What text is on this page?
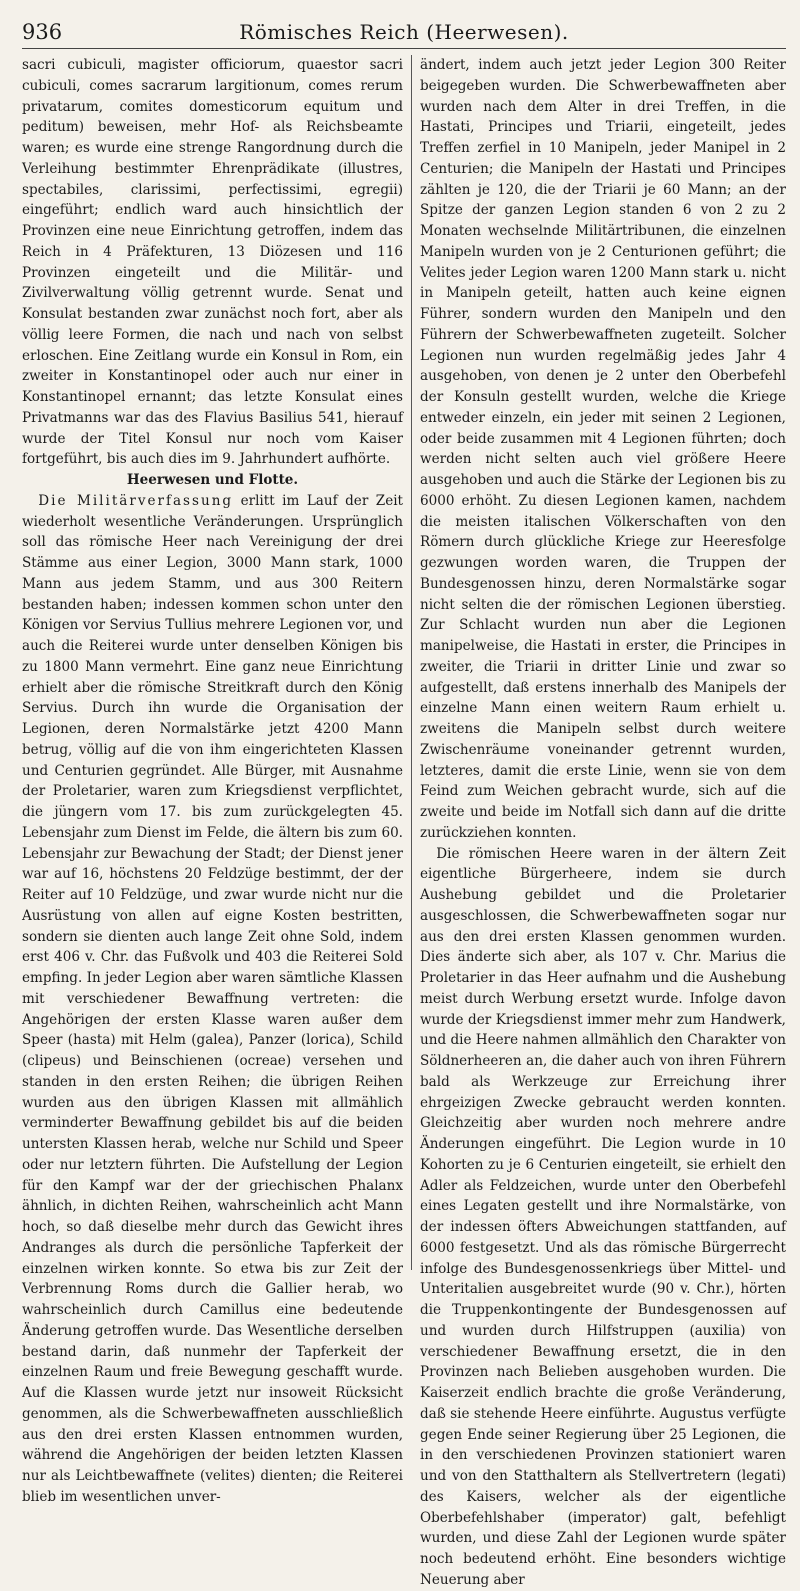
936	Römisches Reich (Heerwesen).

sacri cubiculi, magister officiorum, quaestor sacri cubiculi, comes sacrarum largitionum, comes rerum privatarum, comites domesticorum equitum und peditum) beweisen, mehr Hof- als Reichsbeamte waren; es wurde eine strenge Rangordnung durch die Verleihung bestimmter Ehrenprädikate (illustres, spectabiles, clarissimi, perfectissimi, egregii) eingeführt; endlich ward auch hinsichtlich der Provinzen eine neue Einrichtung getroffen, indem das Reich in 4 Präfekturen, 13 Diözesen und 116 Provinzen eingeteilt und die Militär- und Zivilverwaltung völlig getrennt wurde. Senat und Konsulat bestanden zwar zunächst noch fort, aber als völlig leere Formen, die nach und nach von selbst erloschen. Eine Zeitlang wurde ein Konsul in Rom, ein zweiter in Konstantinopel oder auch nur einer in Konstantinopel ernannt; das letzte Konsulat eines Privatmanns war das des Flavius Basilius 541, hierauf wurde der Titel Konsul nur noch vom Kaiser fortgeführt, bis auch dies im 9. Jahrhundert aufhörte.

Heerwesen und Flotte.

Die Militärverfassung erlitt im Lauf der Zeit wiederholt wesentliche Veränderungen. Ursprünglich soll das römische Heer nach Vereinigung der drei Stämme aus einer Legion, 3000 Mann stark, 1000 Mann aus jedem Stamm, und aus 300 Reitern bestanden haben; indessen kommen schon unter den Königen vor Servius Tullius mehrere Legionen vor, und auch die Reiterei wurde unter denselben Königen bis zu 1800 Mann vermehrt. Eine ganz neue Einrichtung erhielt aber die römische Streitkraft durch den König Servius. Durch ihn wurde die Organisation der Legionen, deren Normalstärke jetzt 4200 Mann betrug, völlig auf die von ihm eingerichteten Klassen und Centurien gegründet. Alle Bürger, mit Ausnahme der Proletarier, waren zum Kriegsdienst verpflichtet, die jüngern vom 17. bis zum zurückgelegten 45. Lebensjahr zum Dienst im Felde, die ältern bis zum 60. Lebensjahr zur Bewachung der Stadt; der Dienst jener war auf 16, höchstens 20 Feldzüge bestimmt, der der Reiter auf 10 Feldzüge, und zwar wurde nicht nur die Ausrüstung von allen auf eigne Kosten bestritten, sondern sie dienten auch lange Zeit ohne Sold, indem erst 406 v. Chr. das Fußvolk und 403 die Reiterei Sold empfing. In jeder Legion aber waren sämtliche Klassen mit verschiedener Bewaffnung vertreten: die Angehörigen der ersten Klasse waren außer dem Speer (hasta) mit Helm (galea), Panzer (lorica), Schild (clipeus) und Beinschienen (ocreae) versehen und standen in den ersten Reihen; die übrigen Reihen wurden aus den übrigen Klassen mit allmählich verminderter Bewaffnung gebildet bis auf die beiden untersten Klassen herab, welche nur Schild und Speer oder nur letztern führten. Die Aufstellung der Legion für den Kampf war der der griechischen Phalanx ähnlich, in dichten Reihen, wahrscheinlich acht Mann hoch, so daß dieselbe mehr durch das Gewicht ihres Andranges als durch die persönliche Tapferkeit der einzelnen wirken konnte. So etwa bis zur Zeit der Verbrennung Roms durch die Gallier herab, wo wahrscheinlich durch Camillus eine bedeutende Änderung getroffen wurde. Das Wesentliche derselben bestand darin, daß nunmehr der Tapferkeit der einzelnen Raum und freie Bewegung geschafft wurde. Auf die Klassen wurde jetzt nur insoweit Rücksicht genommen, als die Schwerbewaffneten ausschließlich aus den drei ersten Klassen entnommen wurden, während die Angehörigen der beiden letzten Klassen nur als Leichtbewaffnete (velites) dienten; die Reiterei blieb im wesentlichen unver-

ändert, indem auch jetzt jeder Legion 300 Reiter beigegeben wurden. Die Schwerbewaffneten aber wurden nach dem Alter in drei Treffen, in die Hastati, Principes und Triarii, eingeteilt, jedes Treffen zerfiel in 10 Manipeln, jeder Manipel in 2 Centurien; die Manipeln der Hastati und Principes zählten je 120, die der Triarii je 60 Mann; an der Spitze der ganzen Legion standen 6 von 2 zu 2 Monaten wechselnde Militärtribunen, die einzelnen Manipeln wurden von je 2 Centurionen geführt; die Velites jeder Legion waren 1200 Mann stark u. nicht in Manipeln geteilt, hatten auch keine eignen Führer, sondern wurden den Manipeln und den Führern der Schwerbewaffneten zugeteilt. Solcher Legionen nun wurden regelmäßig jedes Jahr 4 ausgehoben, von denen je 2 unter den Oberbefehl der Konsuln gestellt wurden, welche die Kriege entweder einzeln, ein jeder mit seinen 2 Legionen, oder beide zusammen mit 4 Legionen führten; doch werden nicht selten auch viel größere Heere ausgehoben und auch die Stärke der Legionen bis zu 6000 erhöht. Zu diesen Legionen kamen, nachdem die meisten italischen Völkerschaften von den Römern durch glückliche Kriege zur Heeresfolge gezwungen worden waren, die Truppen der Bundesgenossen hinzu, deren Normalstärke sogar nicht selten die der römischen Legionen überstieg. Zur Schlacht wurden nun aber die Legionen manipelweise, die Hastati in erster, die Principes in zweiter, die Triarii in dritter Linie und zwar so aufgestellt, daß erstens innerhalb des Manipels der einzelne Mann einen weitern Raum erhielt u. zweitens die Manipeln selbst durch weitere Zwischenräume voneinander getrennt wurden, letzteres, damit die erste Linie, wenn sie von dem Feind zum Weichen gebracht wurde, sich auf die zweite und beide im Notfall sich dann auf die dritte zurückziehen konnten.

Die römischen Heere waren in der ältern Zeit eigentliche Bürgerheere, indem sie durch Aushebung gebildet und die Proletarier ausgeschlossen, die Schwerbewaffneten sogar nur aus den drei ersten Klassen genommen wurden. Dies änderte sich aber, als 107 v. Chr. Marius die Proletarier in das Heer aufnahm und die Aushebung meist durch Werbung ersetzt wurde. Infolge davon wurde der Kriegsdienst immer mehr zum Handwerk, und die Heere nahmen allmählich den Charakter von Söldnerheeren an, die daher auch von ihren Führern bald als Werkzeuge zur Erreichung ihrer ehrgeizigen Zwecke gebraucht werden konnten. Gleichzeitig aber wurden noch mehrere andre Änderungen eingeführt. Die Legion wurde in 10 Kohorten zu je 6 Centurien eingeteilt, sie erhielt den Adler als Feldzeichen, wurde unter den Oberbefehl eines Legaten gestellt und ihre Normalstärke, von der indessen öfters Abweichungen stattfanden, auf 6000 festgesetzt. Und als das römische Bürgerrecht infolge des Bundesgenossenkriegs über Mittel- und Unteritalien ausgebreitet wurde (90 v. Chr.), hörten die Truppenkontingente der Bundesgenossen auf und wurden durch Hilfstruppen (auxilia) von verschiedener Bewaffnung ersetzt, die in den Provinzen nach Belieben ausgehoben wurden. Die Kaiserzeit endlich brachte die große Veränderung, daß sie stehende Heere einführte. Augustus verfügte gegen Ende seiner Regierung über 25 Legionen, die in den verschiedenen Provinzen stationiert waren und von den Statthaltern als Stellvertretern (legati) des Kaisers, welcher als der eigentliche Oberbefehlshaber (imperator) galt, befehligt wurden, und diese Zahl der Legionen wurde später noch bedeutend erhöht. Eine besonders wichtige Neuerung aber
